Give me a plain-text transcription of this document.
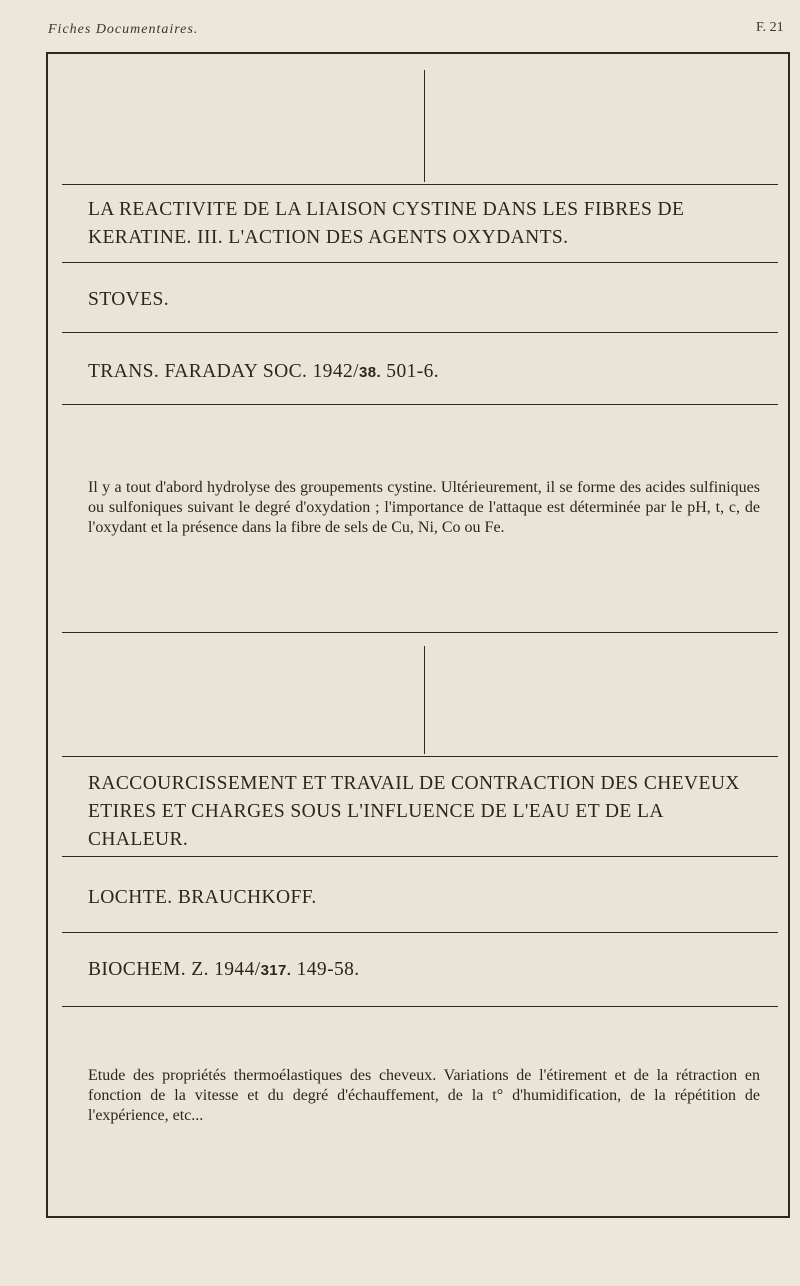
Fiches Documentaires.	F. 21
LA REACTIVITE DE LA LIAISON CYSTINE DANS LES FIBRES DE KERATINE. III. L'ACTION DES AGENTS OXYDANTS.
STOVES.
TRANS. FARADAY SOC. 1942/38. 501-6.
Il y a tout d'abord hydrolyse des groupements cystine. Ultérieurement, il se forme des acides sulfiniques ou sulfoniques suivant le degré d'oxydation ; l'importance de l'attaque est déterminée par le pH, t, c, de l'oxydant et la présence dans la fibre de sels de Cu, Ni, Co ou Fe.
RACCOURCISSEMENT ET TRAVAIL DE CONTRACTION DES CHEVEUX ETIRES ET CHARGES SOUS L'INFLUENCE DE L'EAU ET DE LA CHALEUR.
LOCHTE. BRAUCHKOFF.
BIOCHEM. Z. 1944/317. 149-58.
Etude des propriétés thermoélastiques des cheveux. Variations de l'étirement et de la rétraction en fonction de la vitesse et du degré d'échauffement, de la t° d'humidification, de la répétition de l'expérience, etc...
